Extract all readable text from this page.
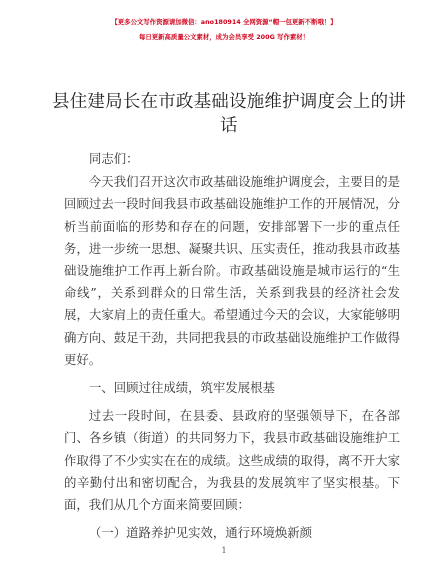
【更多公文写作资源请加微信：ano180914 全网资源“帽一包更新不断哦！】
每日更新高质量公文素材，成为会员享受 200G 写作素材！
县住建局长在市政基础设施维护调度会上的讲话

同志们：

今天我们召开这次市政基础设施维护调度会，主要目的是回顾过去一段时间我县市政基础设施维护工作的开展情况，分析当前面临的形势和存在的问题，安排部署下一步的重点任务，进一步统一思想、凝聚共识、压实责任，推动我县市政基础设施维护工作再上新台阶。市政基础设施是城市运行的“生命线”，关系到群众的日常生活，关系到我县的经济社会发展，大家肩上的责任重大。希望通过今天的会议，大家能够明确方向、鼓足干劲，共同把我县的市政基础设施维护工作做得更好。

一、回顾过往成绩，筑牢发展根基

过去一段时间，在县委、县政府的坚强领导下，在各部门、各乡镇（街道）的共同努力下，我县市政基础设施维护工作取得了不少实实在在的成绩。这些成绩的取得，离不开大家的辛勤付出和密切配合，为我县的发展筑牢了坚实根基。下面，我们从几个方面来简要回顾：

（一）道路养护见实效，通行环境焕新颜

1
